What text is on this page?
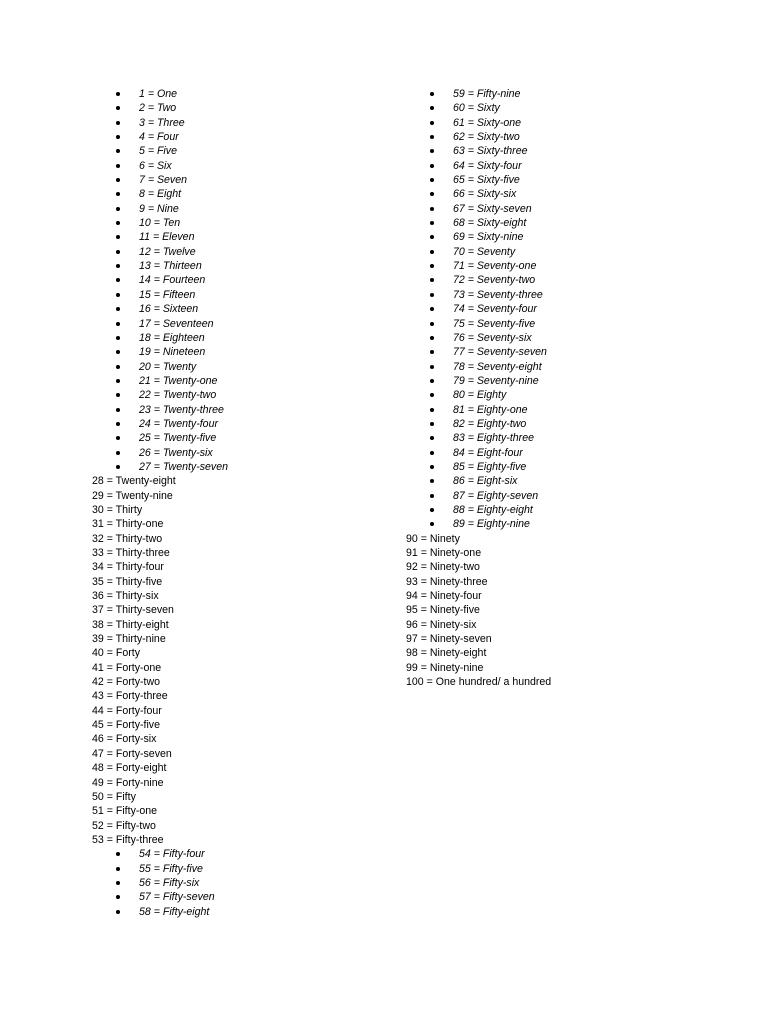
1 = One
2 = Two
3 = Three
4 = Four
5 = Five
6 = Six
7 = Seven
8 = Eight
9 = Nine
10 = Ten
11 = Eleven
12 = Twelve
13 = Thirteen
14 = Fourteen
15 = Fifteen
16 = Sixteen
17 = Seventeen
18 = Eighteen
19 = Nineteen
20 = Twenty
21 = Twenty-one
22 = Twenty-two
23 = Twenty-three
24 = Twenty-four
25 = Twenty-five
26 = Twenty-six
27 = Twenty-seven
28 = Twenty-eight
29 = Twenty-nine
30 = Thirty
31 = Thirty-one
32 = Thirty-two
33 = Thirty-three
34 = Thirty-four
35 = Thirty-five
36 = Thirty-six
37 = Thirty-seven
38 = Thirty-eight
39 = Thirty-nine
40 = Forty
41 = Forty-one
42 = Forty-two
43 = Forty-three
44 = Forty-four
45 = Forty-five
46 = Forty-six
47 = Forty-seven
48 = Forty-eight
49 = Forty-nine
50 = Fifty
51 = Fifty-one
52 = Fifty-two
53 = Fifty-three
54 = Fifty-four
55 = Fifty-five
56 = Fifty-six
57 = Fifty-seven
58 = Fifty-eight
59 = Fifty-nine
60 = Sixty
61 = Sixty-one
62 = Sixty-two
63 = Sixty-three
64 = Sixty-four
65 = Sixty-five
66 = Sixty-six
67 = Sixty-seven
68 = Sixty-eight
69 = Sixty-nine
70 = Seventy
71 = Seventy-one
72 = Seventy-two
73 = Seventy-three
74 = Seventy-four
75 = Seventy-five
76 = Seventy-six
77 = Seventy-seven
78 = Seventy-eight
79 = Seventy-nine
80 = Eighty
81 = Eighty-one
82 = Eighty-two
83 = Eighty-three
84 = Eight-four
85 = Eighty-five
86 = Eight-six
87 = Eighty-seven
88 = Eighty-eight
89 = Eighty-nine
90 = Ninety
91 = Ninety-one
92 = Ninety-two
93 = Ninety-three
94 = Ninety-four
95 = Ninety-five
96 = Ninety-six
97 = Ninety-seven
98 = Ninety-eight
99 = Ninety-nine
100 = One hundred/ a hundred
